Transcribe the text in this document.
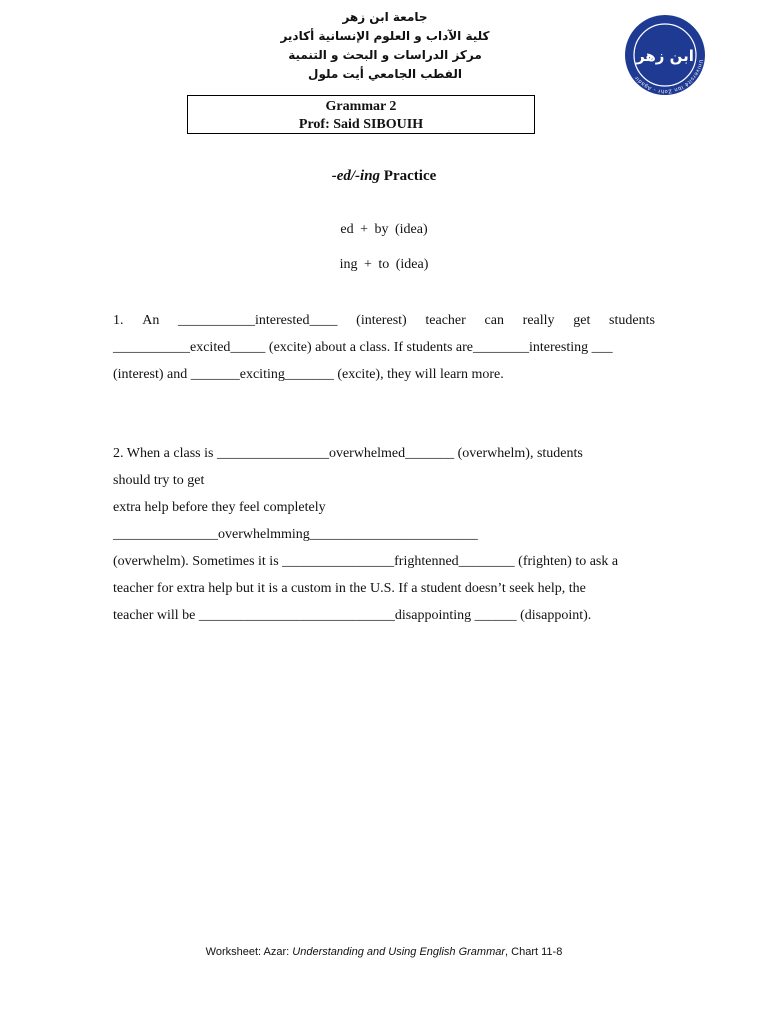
جامعة ابن زهر
كلية الآداب و العلوم الإنسانية أكادير
مركز الدراسات و البحث و التنمية
الفطب الجامعي أيت ملول
Université Ibn Zohr - Agadir
ابن زهر
Grammar 2
Prof: Said SIBOUIH
-ed/-ing Practice
ed + by (idea)
ing + to (idea)
1. An ___________interested____ (interest) teacher can really get students
___________excited_____ (excite) about a class. If students are________interesting ___
(interest) and _______exciting_______ (excite), they will learn more.
2. When a class is ________________overwhelmed_______ (overwhelm), students
should try to get
extra help before they feel completely
_______________overwhelmming________________________
(overwhelm). Sometimes it is ________________frightenned________ (frighten) to ask a
teacher for extra help but it is a custom in the U.S. If a student doesn’t seek help, the
teacher will be ____________________________disappointing ______ (disappoint).
Worksheet: Azar: Understanding and Using English Grammar, Chart 11-8
